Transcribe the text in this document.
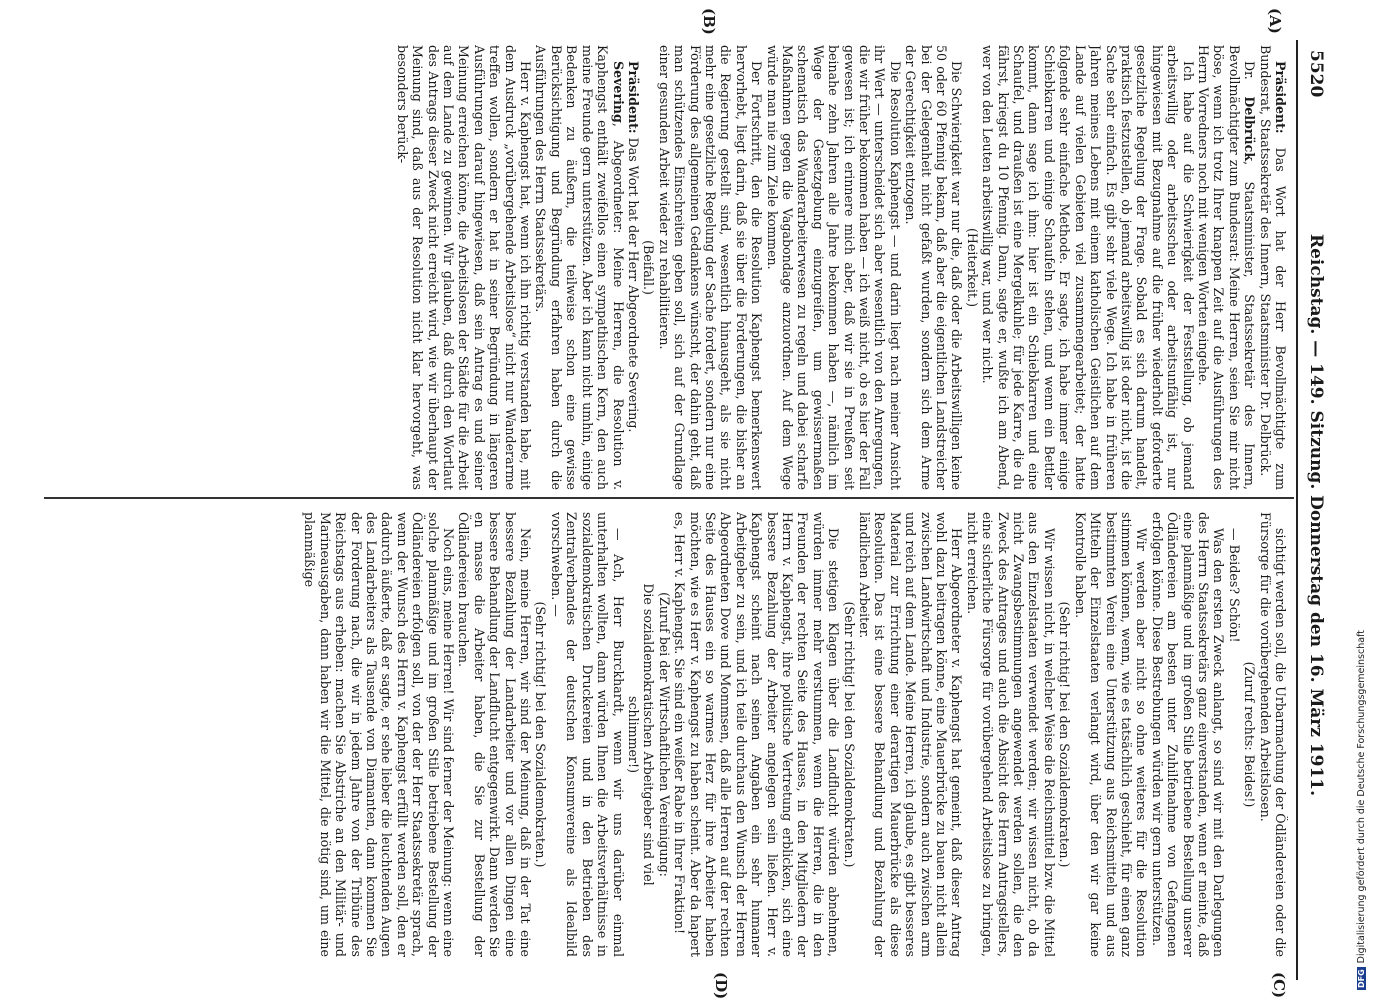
5520
Reichstag. — 149. Sitzung. Donnerstag den 16. März 1911.
(A)
(B)
(C)
(D)

Präsident: Das Wort hat der Herr Bevollmächtigte zum Bundesrat, Staatssekretär des Innern, Staatsminister Dr. Delbrück.

Dr. Delbrück, Staatsminister, Staatssekretär des Innern, Bevollmächtigter zum Bundesrat: Meine Herren, seien Sie mir nicht böse, wenn ich trotz Ihrer knappen Zeit auf die Ausführungen des Herrn Vorredners noch mit wenigen Worten eingehe.

Ich habe auf die Schwierigkeit der Feststellung, ob jemand arbeitswillig oder arbeitsscheu oder arbeitsunfähig ist, nur hingewiesen mit Bezugnahme auf die früher wiederholt geforderte gesetzliche Regelung der Frage. Sobald es sich darum handelt, praktisch festzustellen, ob jemand arbeitswillig ist oder nicht, ist die Sache sehr einfach. Es gibt sehr viele Wege. Ich habe in früheren Jahren meines Lebens mit einem katholischen Geistlichen auf dem Lande auf vielen Gebieten viel zusammengearbeitet; der hatte folgende sehr einfache Methode. Er sagte, ich habe immer einige Schiebkarren und einige Schaufeln stehen, und wenn ein Bettler kommt, dann sage ich ihm: hier ist ein Schiebkarren und eine Schaufel, und draußen ist eine Mergelkuhle; für jede Karre, die du fährst, kriegst du 10 Pfennig. Dann, sagte er, wußte ich am Abend, wer von den Leuten arbeitswillig war, und wer nicht.

(Heiterkeit.)

Die Schwierigkeit war nur die, daß oder die Arbeitswilligen keine 50 oder 60 Pfennig bekam, daß aber die eigentlichen Landstreicher bei der Gelegenheit nicht gefaßt wurden, sondern sich dem Arme der Gerechtigkeit entzogen.

Die Resolution Kaphengst — und darin liegt nach meiner Ansicht ihr Wert — unterscheidet sich aber wesentlich von den Anregungen, die wir früher bekommen haben — ich weiß nicht, ob es hier der Fall gewesen ist; ich erinnere mich aber, daß wir sie in Preußen seit beinahe zehn Jahren alle Jahre bekommen haben —, nämlich im Wege der Gesetzgebung einzugreifen, um gewissermaßen schematisch das Wanderarbeiterwesen zu regeln und dabei scharfe Maßnahmen gegen die Vagabondage anzuordnen. Auf dem Wege würde man nie zum Ziele kommen.

Der Fortschritt, den die Resolution Kaphengst bemerkenswert hervorhebt, liegt darin, daß sie über die Forderungen, die bisher an die Regierung gestellt sind, wesentlich hinausgeht, als sie nicht mehr eine gesetzliche Regelung der Sache fordert, sondern nur eine Förderung des allgemeinen Gedankens wünscht, der dahin geht, daß man schützendes Einschreiten geben soll, sich auf der Grundlage einer gesunden Arbeit wieder zu rehabilitieren.

(Beifall.)

Präsident: Das Wort hat der Herr Abgeordnete Severing.

Severing, Abgeordneter: Meine Herren, die Resolution v. Kaphengst enthält zweifellos einen sympathischen Kern, den auch meine Freunde gern unterstützen. Aber ich kann nicht umhin, einige Bedenken zu äußern, die teilweise schon eine gewisse Berücksichtigung und Begründung erfahren haben durch die Ausführungen des Herrn Staatssekretärs.

Herr v. Kaphengst hat, wenn ich ihn richtig verstanden habe, mit dem Ausdruck „vorübergehende Arbeitslose“ nicht nur Wanderarme treffen wollen, sondern er hat in seiner Begründung in längeren Ausführungen darauf hingewiesen, daß sein Antrag es und seiner Meinung erreichen könne, die Arbeitslosen der Städte für die Arbeit auf dem Lande zu gewinnen. Wir glauben, daß durch den Wortlaut des Antrags dieser Zweck nicht erreicht wird, wie wir überhaupt der Meinung sind, daß aus der Resolution nicht klar hervorgeht, was besonders berück-

sichtigt werden soll, die Urbarmachung der Ödländereien oder die Fürsorge für die vorübergehenden Arbeitslosen.

(Zuruf rechts: Beides!)

— Beides? Schön!

Was den ersten Zweck anlangt, so sind wir mit den Darlegungen des Herrn Staatssekretärs ganz einverstanden, wenn er meinte, daß eine planmäßige und im großen Stile betriebene Bestellung unserer Ödländereien am besten unter Zuhilfenahme von Gefangenen erfolgen könne. Diese Bestrebungen würden wir gern unterstützen.

Wir werden aber nicht so ohne weiteres für die Resolution stimmen können, wenn, wie es tatsächlich geschieht, für einen ganz bestimmten Verein eine Unterstützung aus Reichsmitteln und aus Mitteln der Einzelstaaten verlangt wird, über den wir gar keine Kontrolle haben.

(Sehr richtig! bei den Sozialdemokraten.)

Wir wissen nicht, in welcher Weise die Reichsmittel bzw. die Mittel aus den Einzelstaaten verwendet werden; wir wissen nicht, ob da nicht Zwangsbestimmungen angewendet werden sollen, die den Zweck des Antrages und auch die Absicht des Herrn Antragstellers, eine sicherliche Fürsorge für vorübergehend Arbeitslose zu bringen, nicht erreichen.

Herr Abgeordneter v. Kaphengst hat gemeint, daß dieser Antrag wohl dazu beitragen könne, eine Mauerbrücke zu bauen nicht allein zwischen Landwirtschaft und Industrie, sondern auch zwischen arm und reich auf dem Lande. Meine Herren, ich glaube, es gibt besseres Material zur Errichtung einer derartigen Mauerbrücke als diese Resolution. Das ist eine bessere Behandlung und Bezahlung der ländlichen Arbeiter.

(Sehr richtig! bei den Sozialdemokraten.)

Die stetigen Klagen über die Landflucht würden abnehmen, würden immer mehr verstummen, wenn die Herren, die in den Freunden der rechten Seite des Hauses, in den Mitgliedern der Herrn v. Kaphengst, ihre politische Vertretung erblicken, sich eine bessere Bezahlung der Arbeiter angelegen sein ließen. Herr v. Kaphengst scheint nach seinen Angaben ein sehr humaner Arbeitgeber zu sein, und ich teile durchaus den Wunsch der Herren Abgeordneten Dove und Mommsen, daß alle Herren auf der rechten Seite des Hauses ein so warmes Herz für ihre Arbeiter haben möchten, wie es Herr v. Kaphengst zu haben scheint. Aber da hapert es, Herr v. Kaphengst. Sie sind ein weißer Rabe in Ihrer Fraktion!

(Zuruf bei der Wirtschaftlichen Vereinigung:
Die sozialdemokratischen Arbeitgeber sind viel
schlimmer!)

— Ach, Herr Burckhardt, wenn wir uns darüber einmal unterhalten wollten, dann würden Ihnen die Arbeitsverhältnisse in sozialdemokratischen Druckereien und in den Betrieben des Zentralverbandes der deutschen Konsumvereine als Idealbild vorschweben. —

(Sehr richtig! bei den Sozialdemokraten.)

Nein, meine Herren, wir sind der Meinung, daß in der Tat eine bessere Bezahlung der Landarbeiter und vor allen Dingen eine bessere Behandlung der Landflucht entgegenwirkt. Dann werden Sie en masse die Arbeiter haben, die Sie zur Bestellung der Ödländereien brauchen.

Noch eins, meine Herren! Wir sind ferner der Meinung: wenn eine solche planmäßige und im großen Stile betriebene Bestellung der Ödländereien erfolgen soll, von der der Herr Staatssekretär sprach, wenn der Wunsch des Herrn v. Kaphengst erfüllt werden soll, den er dadurch äußerte, daß er sagte, er sehe lieber die leuchtenden Augen des Landarbeiters als Tausende von Diamanten, dann kommen Sie der Forderung nach, die wir in jedem Jahre von der Tribüne des Reichstags aus erheben: machen Sie Abstriche an den Militär- und Marineausgaben, dann haben wir die Mittel, die nötig sind, um eine planmäßige

DFGDigitalisierung gefördert durch die Deutsche Forschungsgemeinschaft
